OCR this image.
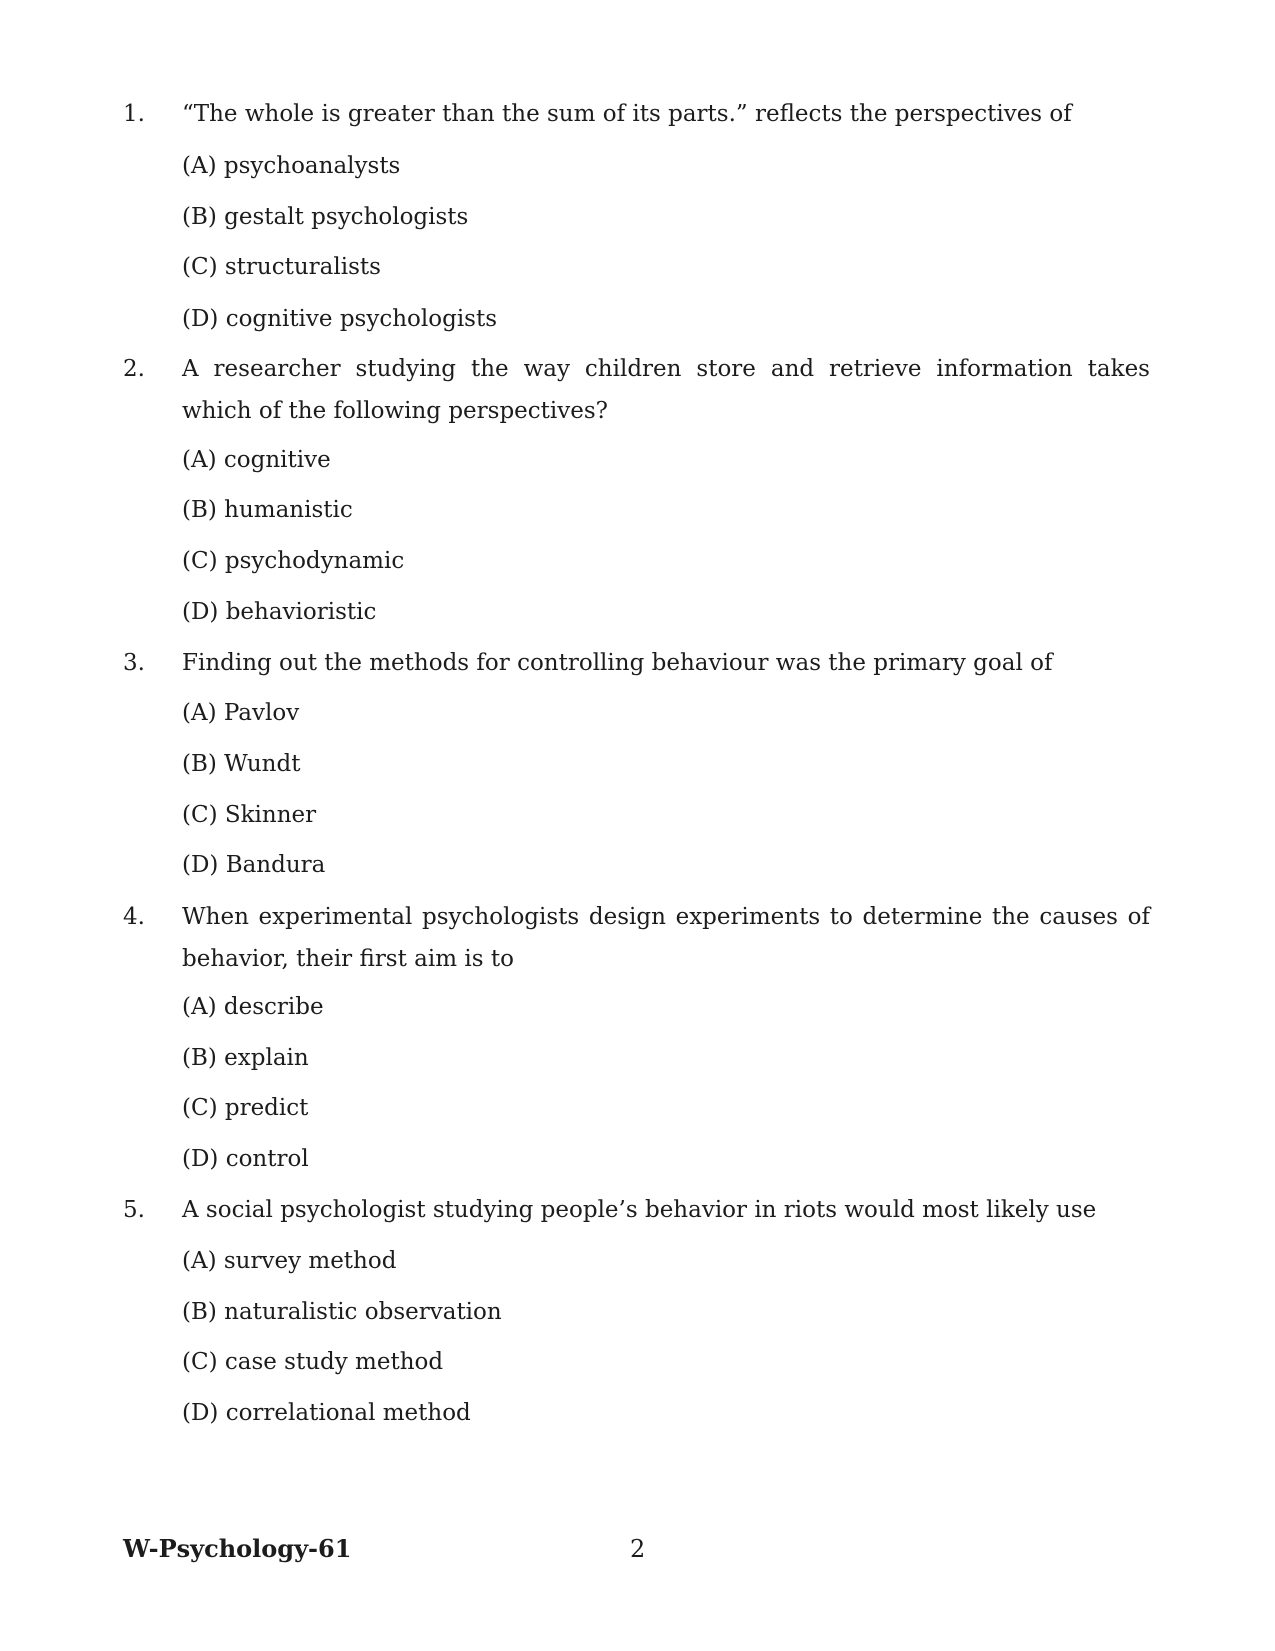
1. “The whole is greater than the sum of its parts.” reflects the perspectives of
(A) psychoanalysts
(B) gestalt psychologists
(C) structuralists
(D) cognitive psychologists
2. A researcher studying the way children store and retrieve information takes which of the following perspectives?
(A) cognitive
(B) humanistic
(C) psychodynamic
(D) behavioristic
3. Finding out the methods for controlling behaviour was the primary goal of
(A) Pavlov
(B) Wundt
(C) Skinner
(D) Bandura
4. When experimental psychologists design experiments to determine the causes of behavior, their first aim is to
(A) describe
(B) explain
(C) predict
(D) control
5. A social psychologist studying people’s behavior in riots would most likely use
(A) survey method
(B) naturalistic observation
(C) case study method
(D) correlational method
W-Psychology-61	2
